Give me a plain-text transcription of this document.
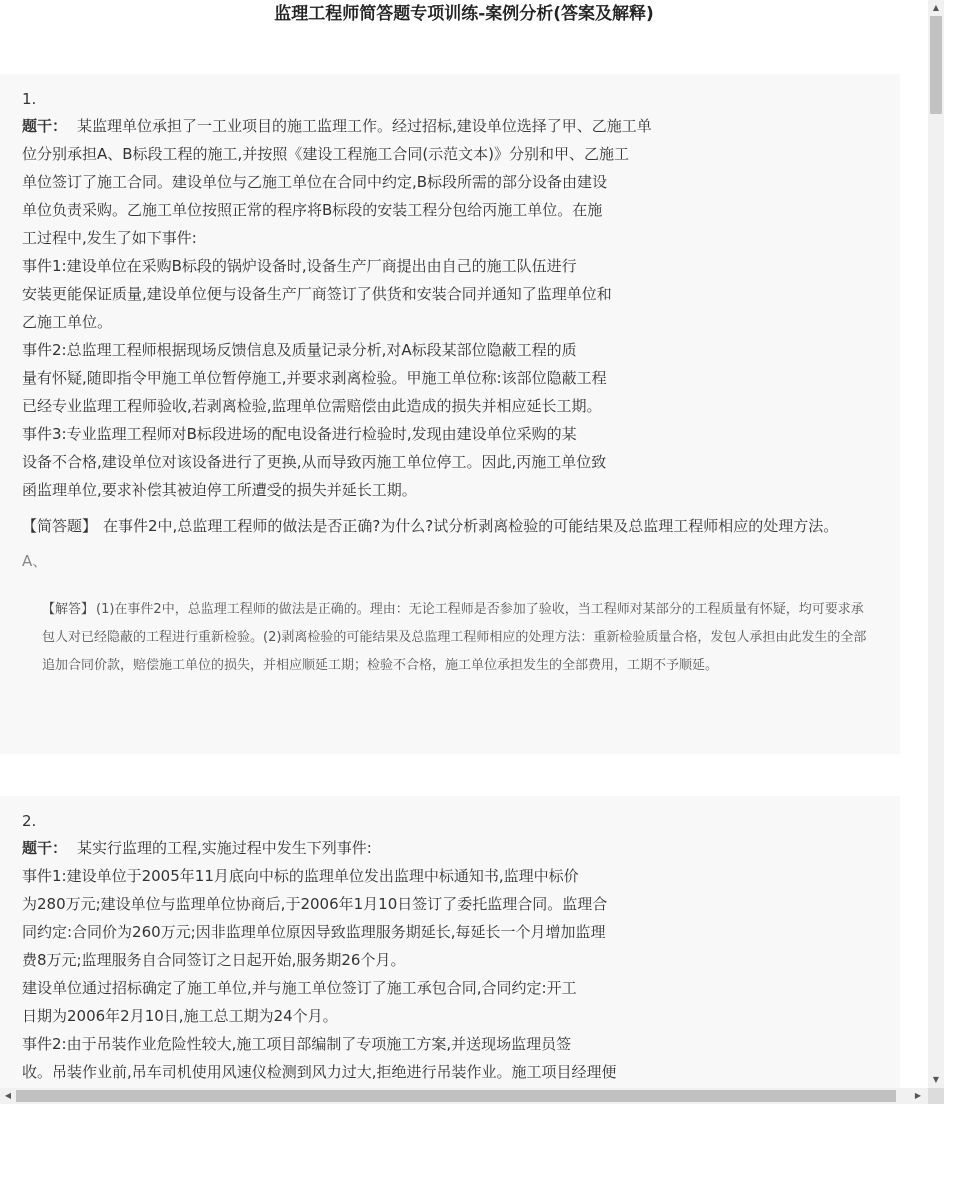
监理工程师简答题专项训练-案例分析(答案及解释)
1.
题干： 某监理单位承担了一工业项目的施工监理工作。经过招标,建设单位选择了甲、乙施工单
位分别承担A、B标段工程的施工,并按照《建设工程施工合同(示范文本)》分别和甲、乙施工
单位签订了施工合同。建设单位与乙施工单位在合同中约定,B标段所需的部分设备由建设
单位负责采购。乙施工单位按照正常的程序将B标段的安装工程分包给丙施工单位。在施
工过程中,发生了如下事件:
事件1:建设单位在采购B标段的锅炉设备时,设备生产厂商提出由自己的施工队伍进行
安装更能保证质量,建设单位便与设备生产厂商签订了供货和安装合同并通知了监理单位和
乙施工单位。
事件2:总监理工程师根据现场反馈信息及质量记录分析,对A标段某部位隐蔽工程的质
量有怀疑,随即指令甲施工单位暂停施工,并要求剥离检验。甲施工单位称:该部位隐蔽工程
已经专业监理工程师验收,若剥离检验,监理单位需赔偿由此造成的损失并相应延长工期。
事件3:专业监理工程师对B标段进场的配电设备进行检验时,发现由建设单位采购的某
设备不合格,建设单位对该设备进行了更换,从而导致丙施工单位停工。因此,丙施工单位致
函监理单位,要求补偿其被迫停工所遭受的损失并延长工期。
【简答题】 在事件2中,总监理工程师的做法是否正确?为什么?试分析剥离检验的可能结果及总监理工程师相应的处理方法。
A、
【解答】 (1)在事件2中，总监理工程师的做法是正确的。理由：无论工程师是否参加了验收，当工程师对某部分的工程质量有怀疑，均可要求承包人对已经隐蔽的工程进行重新检验。(2)剥离检验的可能结果及总监理工程师相应的处理方法：重新检验质量合格，发包人承担由此发生的全部追加合同价款，赔偿施工单位的损失，并相应顺延工期；检验不合格，施工单位承担发生的全部费用，工期不予顺延。
2.
题干： 某实行监理的工程,实施过程中发生下列事件:
事件1:建设单位于2005年11月底向中标的监理单位发出监理中标通知书,监理中标价
为280万元;建设单位与监理单位协商后,于2006年1月10日签订了委托监理合同。监理合
同约定:合同价为260万元;因非监理单位原因导致监理服务期延长,每延长一个月增加监理
费8万元;监理服务自合同签订之日起开始,服务期26个月。
建设单位通过招标确定了施工单位,并与施工单位签订了施工承包合同,合同约定:开工
日期为2006年2月10日,施工总工期为24个月。
事件2:由于吊装作业危险性较大,施工项目部编制了专项施工方案,并送现场监理员签
收。吊装作业前,吊车司机使用风速仪检测到风力过大,拒绝进行吊装作业。施工项目经理便
▲
▼
◀	▶
